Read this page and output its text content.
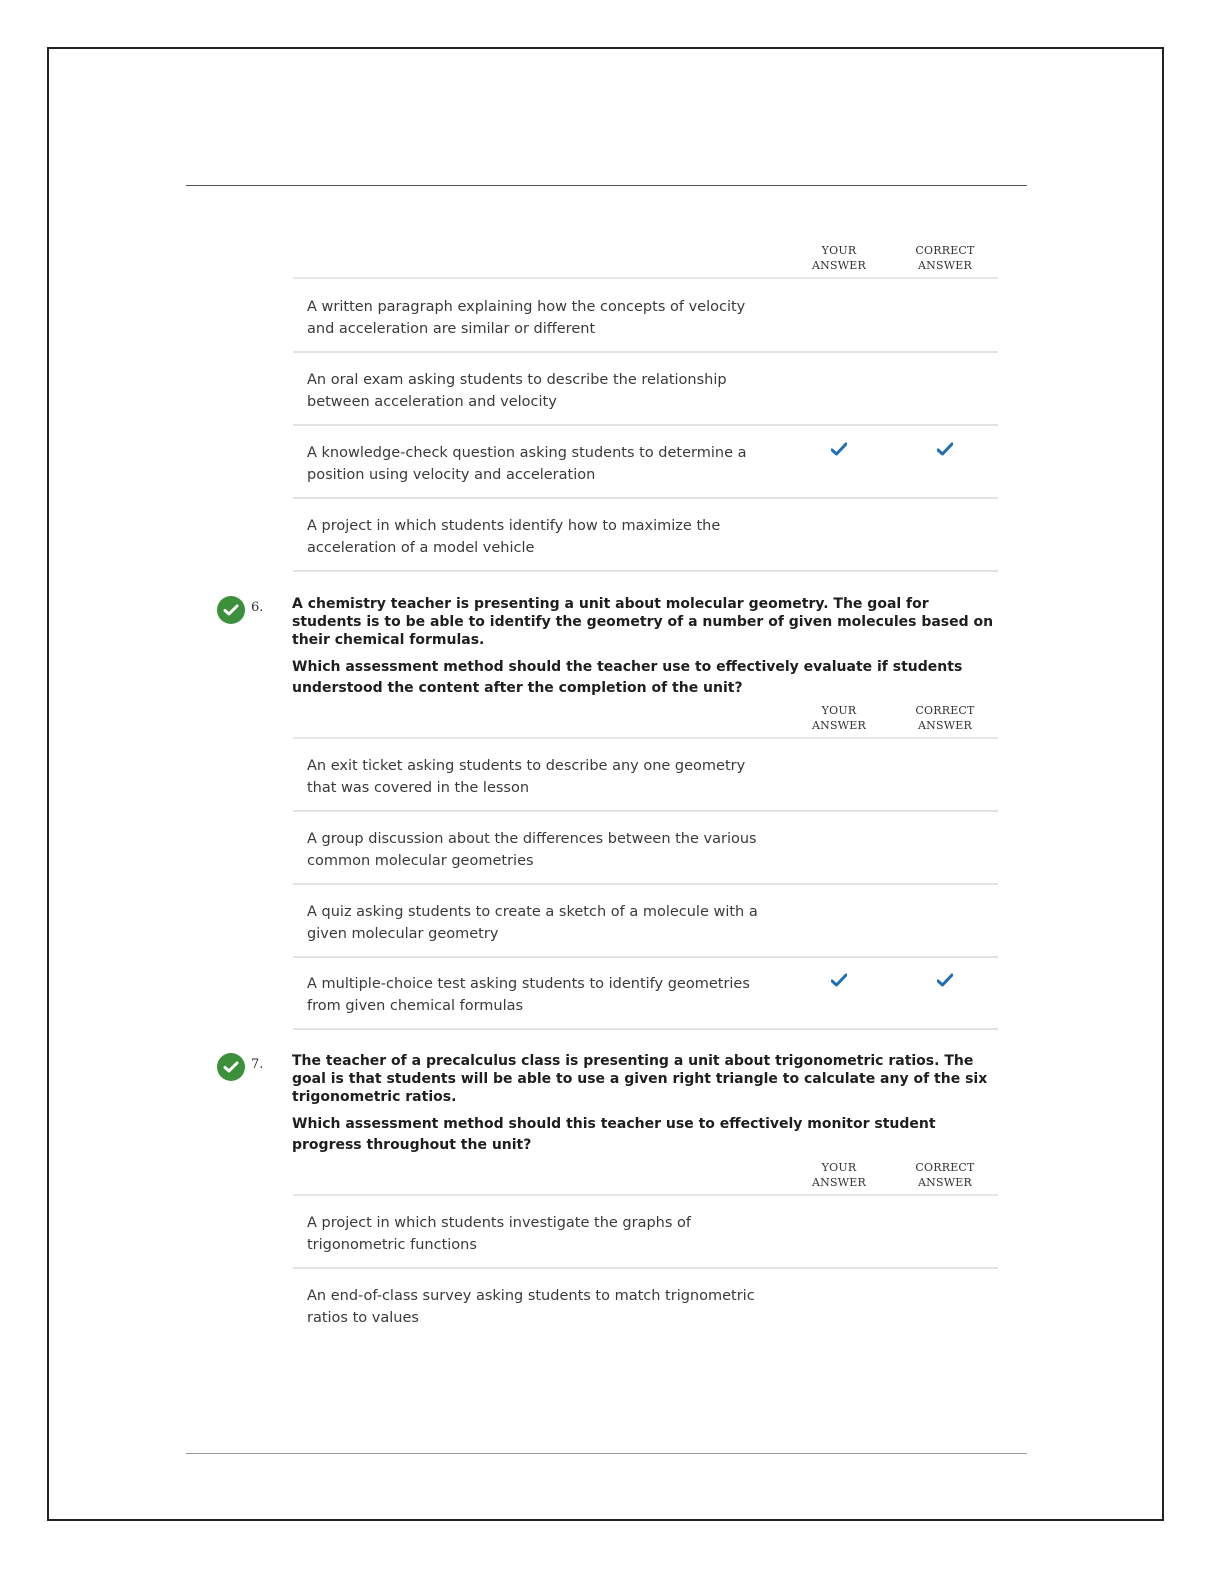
YOUR ANSWER
CORRECT ANSWER
A written paragraph explaining how the concepts of velocity and acceleration are similar or different
An oral exam asking students to describe the relationship between acceleration and velocity
A knowledge-check question asking students to determine a position using velocity and acceleration
A project in which students identify how to maximize the acceleration of a model vehicle
6. A chemistry teacher is presenting a unit about molecular geometry. The goal for students is to be able to identify the geometry of a number of given molecules based on their chemical formulas.
Which assessment method should the teacher use to effectively evaluate if students understood the content after the completion of the unit?
YOUR ANSWER
CORRECT ANSWER
An exit ticket asking students to describe any one geometry that was covered in the lesson
A group discussion about the differences between the various common molecular geometries
A quiz asking students to create a sketch of a molecule with a given molecular geometry
A multiple-choice test asking students to identify geometries from given chemical formulas
7. The teacher of a precalculus class is presenting a unit about trigonometric ratios. The goal is that students will be able to use a given right triangle to calculate any of the six trigonometric ratios.
Which assessment method should this teacher use to effectively monitor student progress throughout the unit?
YOUR ANSWER
CORRECT ANSWER
A project in which students investigate the graphs of trigonometric functions
An end-of-class survey asking students to match trignometric ratios to values
